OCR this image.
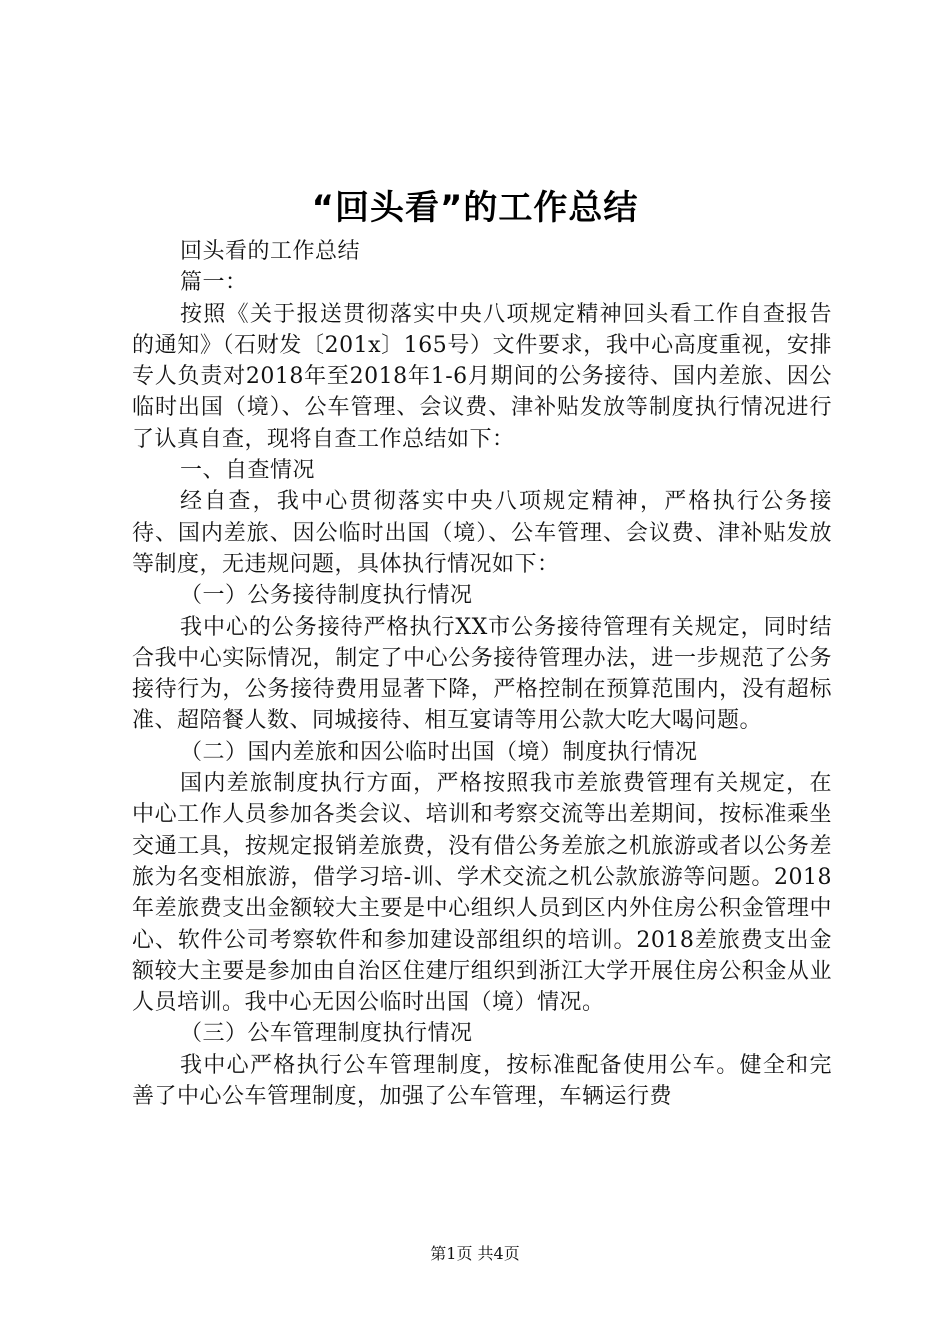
“回头看”的工作总结

回头看的工作总结

篇一：

按照《关于报送贯彻落实中央八项规定精神回头看工作自查报告的通知》（石财发〔201x〕165号）文件要求，我中心高度重视，安排专人负责对2018年至2018年1-6月期间的公务接待、国内差旅、因公临时出国（境）、公车管理、会议费、津补贴发放等制度执行情况进行了认真自查，现将自查工作总结如下：

一、自查情况

经自查，我中心贯彻落实中央八项规定精神，严格执行公务接待、国内差旅、因公临时出国（境）、公车管理、会议费、津补贴发放等制度，无违规问题，具体执行情况如下：

（一）公务接待制度执行情况

我中心的公务接待严格执行XX市公务接待管理有关规定，同时结合我中心实际情况，制定了中心公务接待管理办法，进一步规范了公务接待行为，公务接待费用显著下降，严格控制在预算范围内，没有超标准、超陪餐人数、同城接待、相互宴请等用公款大吃大喝问题。

（二）国内差旅和因公临时出国（境）制度执行情况

国内差旅制度执行方面，严格按照我市差旅费管理有关规定，在中心工作人员参加各类会议、培训和考察交流等出差期间，按标准乘坐交通工具，按规定报销差旅费，没有借公务差旅之机旅游或者以公务差旅为名变相旅游，借学习培-训、学术交流之机公款旅游等问题。2018年差旅费支出金额较大主要是中心组织人员到区内外住房公积金管理中心、软件公司考察软件和参加建设部组织的培训。2018差旅费支出金额较大主要是参加由自治区住建厅组织到浙江大学开展住房公积金从业人员培训。我中心无因公临时出国（境）情况。

（三）公车管理制度执行情况

我中心严格执行公车管理制度，按标准配备使用公车。健全和完善了中心公车管理制度，加强了公车管理，车辆运行费

第1页 共4页
